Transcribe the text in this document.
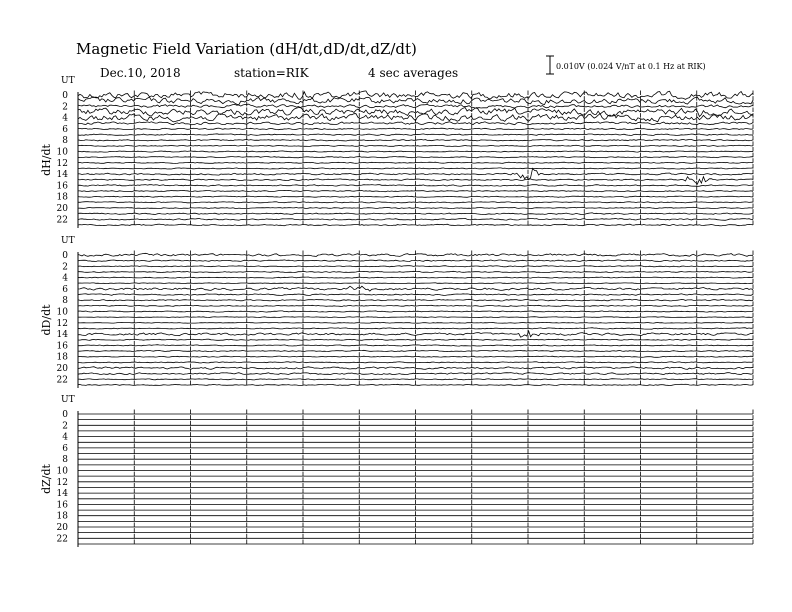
Magnetic Field Variation (dH/dt,dD/dt,dZ/dt)
Dec.10, 2018	station=RIK	4 sec averages	0.010V (0.024 V/nT at 0.1 Hz at RIK)
UT
dH/dt
0
2
4
6
8
10
12
14
16
18
20
22
UT
dD/dt
0
2
4
6
8
10
12
14
16
18
20
22
UT
dZ/dt
0
2
4
6
8
10
12
14
16
18
20
22
